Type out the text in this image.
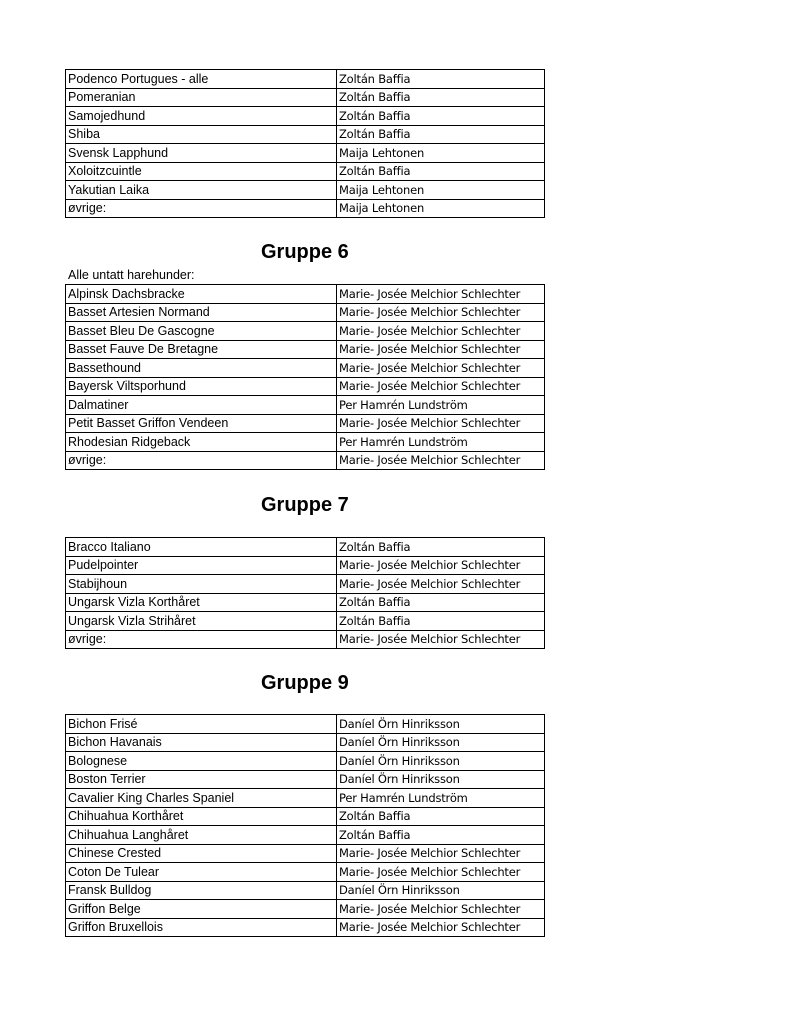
Podenco Portugues - alle	Zoltán Baffia
Pomeranian	Zoltán Baffia
Samojedhund	Zoltán Baffia
Shiba	Zoltán Baffia
Svensk Lapphund	Maija Lehtonen
Xoloitzcuintle	Zoltán Baffia
Yakutian Laika	Maija Lehtonen
øvrige:	Maija Lehtonen
Gruppe 6
Alle untatt harehunder:
Alpinsk Dachsbracke	Marie- Josée Melchior Schlechter
Basset Artesien Normand	Marie- Josée Melchior Schlechter
Basset Bleu De Gascogne	Marie- Josée Melchior Schlechter
Basset Fauve De Bretagne	Marie- Josée Melchior Schlechter
Bassethound	Marie- Josée Melchior Schlechter
Bayersk Viltsporhund	Marie- Josée Melchior Schlechter
Dalmatiner	Per Hamrén Lundström
Petit Basset Griffon Vendeen	Marie- Josée Melchior Schlechter
Rhodesian Ridgeback	Per Hamrén Lundström
øvrige:	Marie- Josée Melchior Schlechter
Gruppe 7
Bracco Italiano	Zoltán Baffia
Pudelpointer	Marie- Josée Melchior Schlechter
Stabijhoun	Marie- Josée Melchior Schlechter
Ungarsk Vizla Korthåret	Zoltán Baffia
Ungarsk Vizla Strihåret	Zoltán Baffia
øvrige:	Marie- Josée Melchior Schlechter
Gruppe 9
Bichon Frisé	Daníel Örn Hinriksson
Bichon Havanais	Daníel Örn Hinriksson
Bolognese	Daníel Örn Hinriksson
Boston Terrier	Daníel Örn Hinriksson
Cavalier King Charles Spaniel	Per Hamrén Lundström
Chihuahua Korthåret	Zoltán Baffia
Chihuahua Langhåret	Zoltán Baffia
Chinese Crested	Marie- Josée Melchior Schlechter
Coton De Tulear	Marie- Josée Melchior Schlechter
Fransk Bulldog	Daníel Örn Hinriksson
Griffon Belge	Marie- Josée Melchior Schlechter
Griffon Bruxellois	Marie- Josée Melchior Schlechter
